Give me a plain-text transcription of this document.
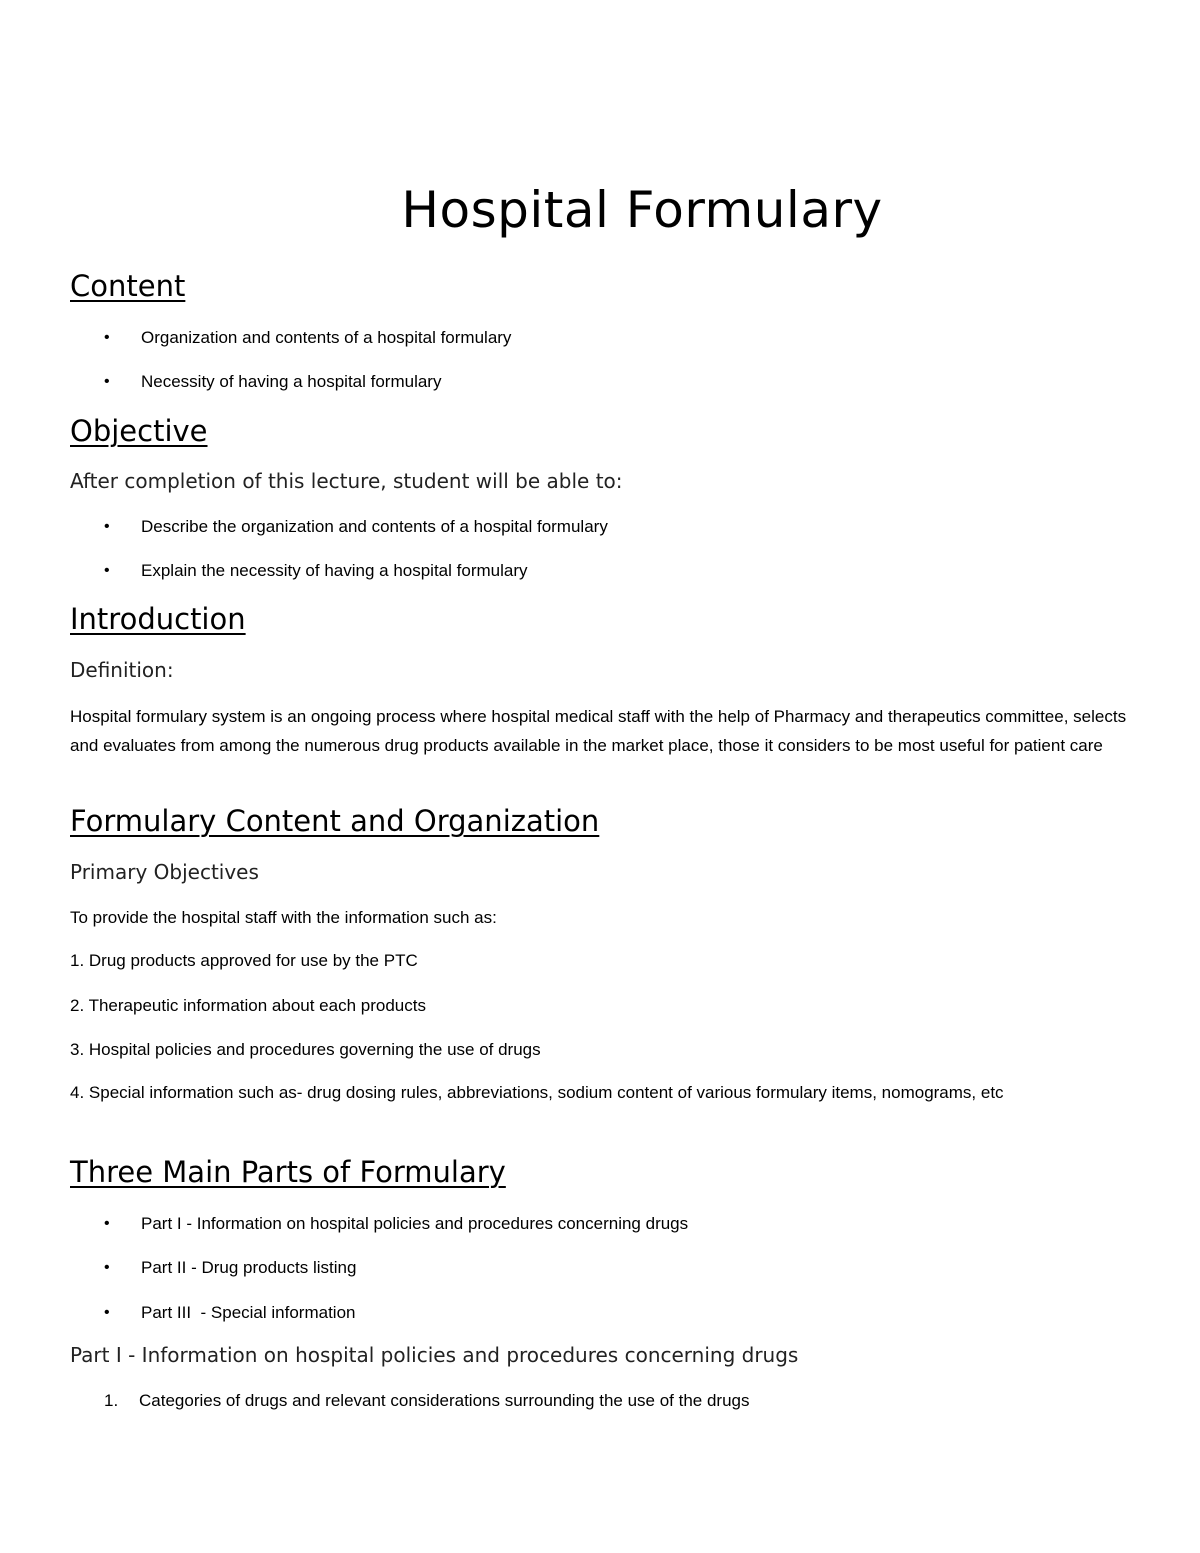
Hospital Formulary
Content
• Organization and contents of a hospital formulary
• Necessity of having a hospital formulary
Objective
After completion of this lecture, student will be able to:
• Describe the organization and contents of a hospital formulary
• Explain the necessity of having a hospital formulary
Introduction
Definition:
Hospital formulary system is an ongoing process where hospital medical staff with the help of Pharmacy and therapeutics committee, selects and evaluates from among the numerous drug products available in the market place, those it considers to be most useful for patient care
Formulary Content and Organization
Primary Objectives
To provide the hospital staff with the information such as:
1. Drug products approved for use by the PTC
2. Therapeutic information about each products
3. Hospital policies and procedures governing the use of drugs
4. Special information such as- drug dosing rules, abbreviations, sodium content of various formulary items, nomograms, etc
Three Main Parts of Formulary
• Part I - Information on hospital policies and procedures concerning drugs
• Part II - Drug products listing
• Part III  - Special information
Part I - Information on hospital policies and procedures concerning drugs
1. Categories of drugs and relevant considerations surrounding the use of the drugs
